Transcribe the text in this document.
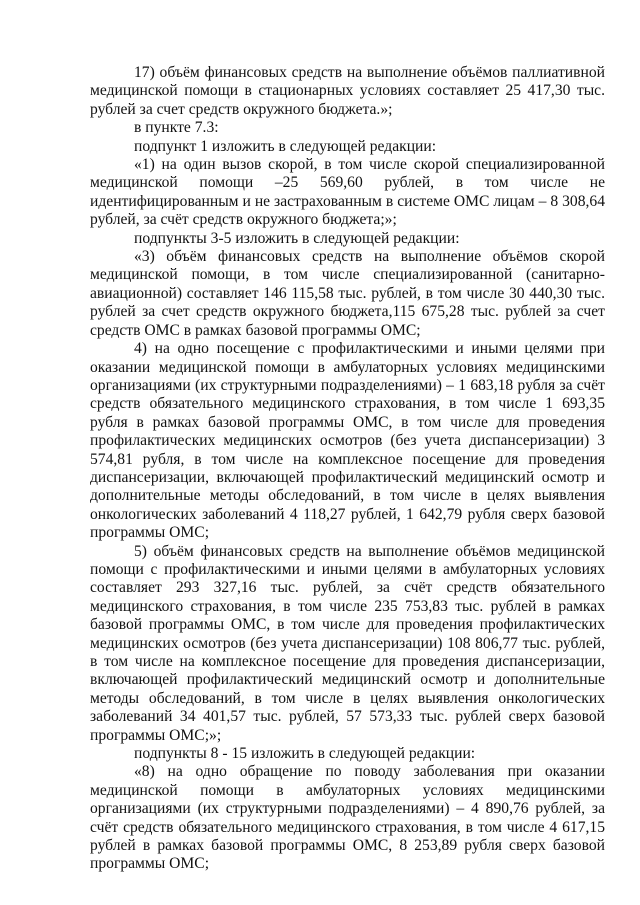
17) объём финансовых средств на выполнение объёмов паллиативной медицинской помощи в стационарных условиях составляет 25 417,30 тыс. рублей за счет средств окружного бюджета.»;

в пункте 7.3:

подпункт 1 изложить в следующей редакции:

«1) на один вызов скорой, в том числе скорой специализированной медицинской помощи –25 569,60 рублей, в том числе не идентифицированным и не застрахованным в системе ОМС лицам – 8 308,64 рублей, за счёт средств окружного бюджета;»;

подпункты 3-5 изложить в следующей редакции:

«3) объём финансовых средств на выполнение объёмов скорой медицинской помощи, в том числе специализированной (санитарно-авиационной) составляет 146 115,58 тыс. рублей, в том числе 30 440,30 тыс. рублей за счет средств окружного бюджета,115 675,28 тыс. рублей за счет средств ОМС в рамках базовой программы ОМС;

4) на одно посещение с профилактическими и иными целями при оказании медицинской помощи в амбулаторных условиях медицинскими организациями (их структурными подразделениями) – 1 683,18 рубля за счёт средств обязательного медицинского страхования, в том числе 1 693,35 рубля в рамках базовой программы ОМС, в том числе для проведения профилактических медицинских осмотров (без учета диспансеризации) 3 574,81 рубля, в том числе на комплексное посещение для проведения диспансеризации, включающей профилактический медицинский осмотр и дополнительные методы обследований, в том числе в целях выявления онкологических заболеваний 4 118,27 рублей, 1 642,79 рубля сверх базовой программы ОМС;

5) объём финансовых средств на выполнение объёмов медицинской помощи с профилактическими и иными целями в амбулаторных условиях составляет 293 327,16 тыс. рублей, за счёт средств обязательного медицинского страхования, в том числе 235 753,83 тыс. рублей в рамках базовой программы ОМС, в том числе для проведения профилактических медицинских осмотров (без учета диспансеризации) 108 806,77 тыс. рублей, в том числе на комплексное посещение для проведения диспансеризации, включающей профилактический медицинский осмотр и дополнительные методы обследований, в том числе в целях выявления онкологических заболеваний 34 401,57 тыс. рублей, 57 573,33 тыс. рублей сверх базовой программы ОМС;»;

подпункты 8 - 15 изложить в следующей редакции:

«8) на одно обращение по поводу заболевания при оказании медицинской помощи в амбулаторных условиях медицинскими организациями (их структурными подразделениями) – 4 890,76 рублей, за счёт средств обязательного медицинского страхования, в том числе 4 617,15 рублей в рамках базовой программы ОМС, 8 253,89 рубля сверх базовой программы ОМС;
